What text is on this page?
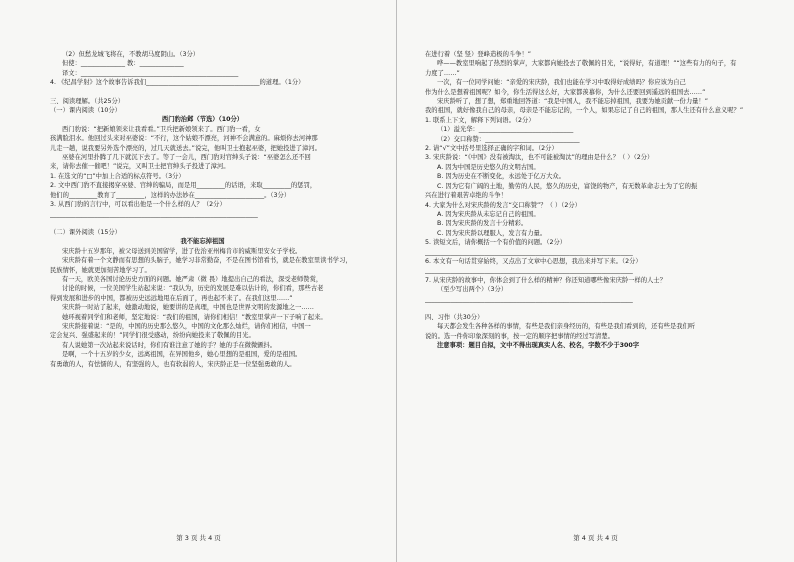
（2）但愁龙城飞将在，不教胡马度阴山。（3分）
但使：______________ 教：______________
译文：__________________________________________________
4. 《纪昌学射》这个故事告诉我们____________________________________的道理。（1分）
三、阅读理解。（共25分）
（一）课内阅读（10分）
西门豹治邺（节选）（10分）
西门豹说：“把新娘领来让我看看。”卫兵把新娘领来了。西门豹一看，女
孩满脸泪水。他回过头来对巫婆说：“不行，这个姑娘不漂亮，河神不会满意的。麻烦你去河神那
儿走一趟，说我要另外选个漂亮的，过几天就送去。”说完，他叫卫士抱起巫婆，把她投进了漳河。
巫婆在河里扑腾了几下就沉下去了。等了一会儿，西门豹对官绅头子说：“巫婆怎么还不回
来，请你去催一催吧！”说完，又叫卫士把官绅头子投进了漳河。
1. 在选文的“□”中加上合适的标点符号。（3分）
2. 文中西门豹不直接揭穿巫婆、官绅的骗局，而是用_________的话语，来取_________的惩罚，
他们的_________教育了_________，这样的办法妙在______________________。（3分）
3. 从西门豹的言行中，可以看出他是一个什么样的人？（2分）
__________________________________________________________________
（二）课外阅读（15分）
我不能忘掉祖国
宋庆龄十五岁那年，被父母送到美国留学，进了佐治亚州梅肯市的威斯里安女子学校。
宋庆龄有着一个文静而有思想的头脑子，她学习非常勤奋，不是在图书馆看书，就是在教室里读书学习，
民族情怀，她就更加刻苦地学习了。
有一天，欧美各国讨论历史方面的问题。她严肃（微 畏）地提出自己的看法，深受老师赞赏，
讨论的时候，一位美国学生站起来说：“我认为，历史的发展是难以估计的，你们看，那些古老
得到发展和进步的中国，都被历史远远地甩在后面了，再也起不来了。在我们这里……”
宋庆龄一时站了起来，她激动地说，她要讲的是真理，中国也是世界文明的发源地之一……
她环视着同学们和老师，坚定地说：“我们的祖国，请你们相信！”教室里掌声一下子响了起来。
宋庆龄接着说：“是的，中国的历史那么悠久，中国的文化那么灿烂，请你们相信，中国一
定会复兴、强盛起来的！”同学们很受感动，纷纷向她投来了敬佩的目光。
有人说她第一次站起来说话时，你们有谁注意了她的手？她的手在微微颤抖。
是啊，一个十五岁的少女，远离祖国，在异国他乡，她心里想的是祖国，爱的是祖国。
有勇敢的人，有怯懦的人，有坚强的人，也有软弱的人，宋庆龄正是一位坚强勇敢的人。
第 3 页 共 4 页
在进行着（坚 竖）登峰造极的斗争！”
哗——教室里响起了热烈的掌声，大家都向她投去了敬佩的目光，“说得好，有道理！”“这些有力的句子，有
力度了……”
一次，有一位同学问她：“亲爱的宋庆龄，我们也能在学习中取得好成绩吗？你应该为自己
作为什么是想着祖国呢？如今，你生活得这么好，大家都羡慕你，为什么还要回到遥远的祖国去……”
宋庆龄听了，想了想，郑重地回答道：“我是中国人，我不能忘掉祖国，我要为她贡献一份力量！”
我的祖国，就好像我自己的母亲，母亲是不能忘记的，一个人，如果忘记了自己的祖国，那人生还有什么意义呢？”
1. 联系上下文，解释下列词语。（2分）
（1）溢光华：______________________________
（2）交口称赞：______________________________
2. 请“√”文中括号里选择正确的字和词。（2分）
3. 宋庆龄说：“《中国》没有被淘汰，也不可能被淘汰”的理由是什么？（ ）（2分）
A. 因为中国是历史悠久的文明古国。
B. 因为历史在不断变化，永远处于亿万大众。
C. 因为它有广阔的土地，勤劳的人民，悠久的历史，富饶的物产，有无数革命志士为了它的振
兴在进行着艰苦卓绝的斗争！
4. 大家为什么对宋庆龄的发言“交口称赞”？（ ）（2分）
A. 因为宋庆龄从未忘记自己的祖国。
B. 因为宋庆龄的发言十分精彩。
C. 因为宋庆龄以理服人，发言有力量。
5. 读短文后，请你概括一个有价值的问题。（2分）
__________________________________________________________________
6. 本文有一句话贯穿始终，又点出了文章中心思想，我出来并写下来。（2分）
__________________________________________________________________
7. 从宋庆龄的故事中，你体会到了什么样的精神？你还知道哪些像宋庆龄一样的人士？
（至少写出两个）（3分）
__________________________________________________________________
四、习作（共30分）
每天都会发生各种各样的事情，有些是我们亲身经历的，有些是我们看到的，还有些是我们听
说的。选一件你印象深刻的事，按一定的顺序把事情的经过写清楚。
注意事项：题目自拟，文中不得出现真实人名、校名，字数不少于300字
第 4 页 共 4 页
